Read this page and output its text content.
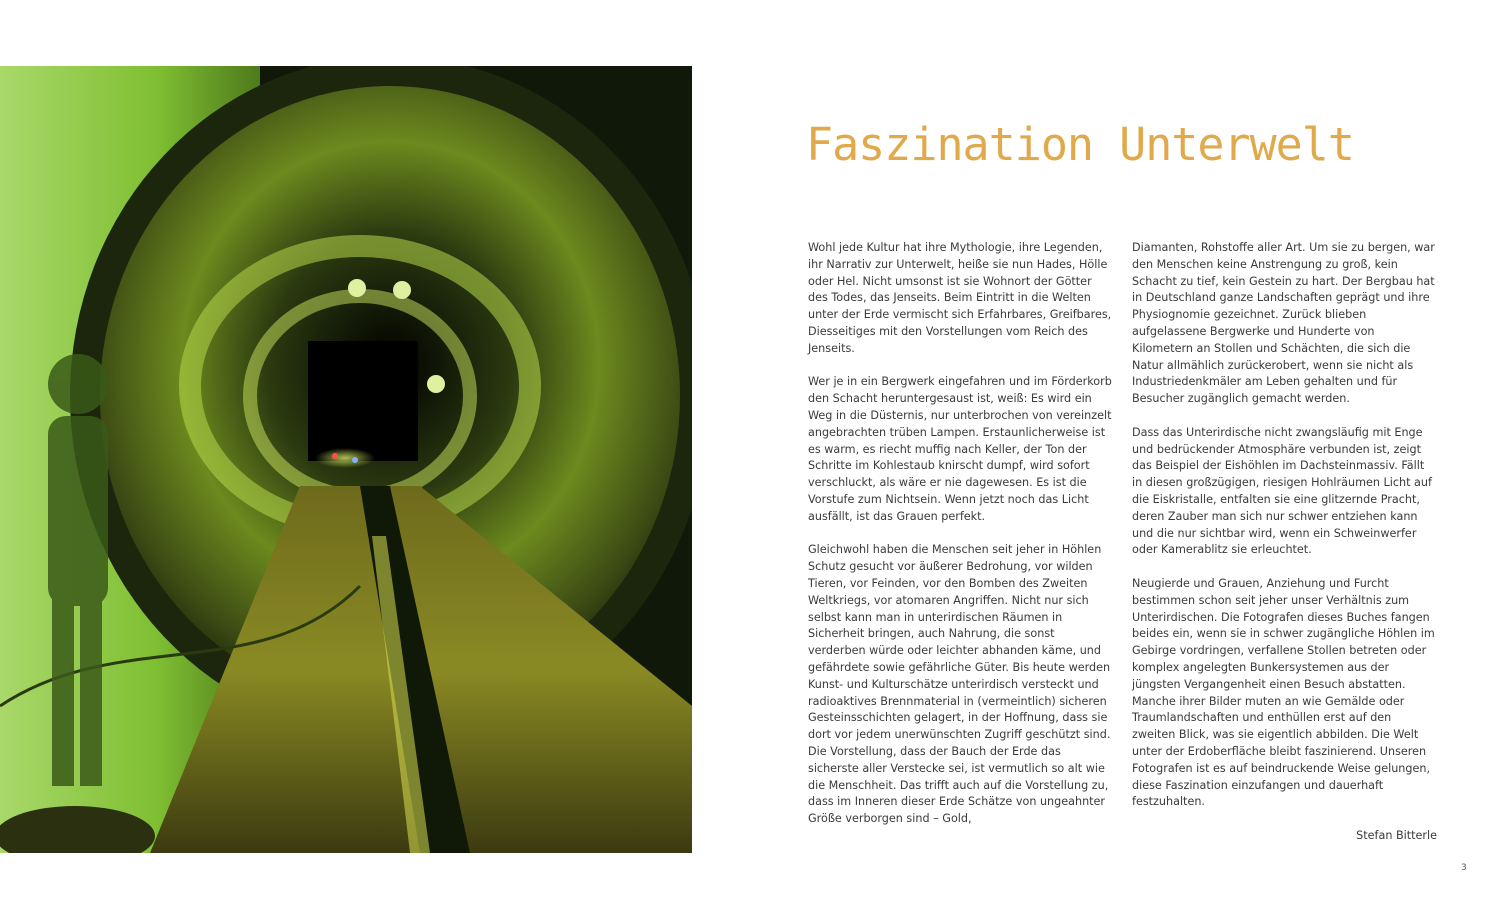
Faszination Unterwelt

Wohl jede Kultur hat ihre Mythologie, ihre Legenden, ihr Narrativ zur Unterwelt, heiße sie nun Hades, Hölle oder Hel. Nicht umsonst ist sie Wohnort der Götter des Todes, das Jenseits. Beim Eintritt in die Welten unter der Erde vermischt sich Erfahrbares, Greifbares, Diesseitiges mit den Vorstellungen vom Reich des Jenseits.

Wer je in ein Bergwerk eingefahren und im Förderkorb den Schacht heruntergesaust ist, weiß: Es wird ein Weg in die Düsternis, nur unterbrochen von vereinzelt angebrachten trüben Lampen. Erstaunlicherweise ist es warm, es riecht muffig nach Keller, der Ton der Schritte im Kohlestaub knirscht dumpf, wird sofort verschluckt, als wäre er nie dagewesen. Es ist die Vorstufe zum Nichtsein. Wenn jetzt noch das Licht ausfällt, ist das Grauen perfekt.

Gleichwohl haben die Menschen seit jeher in Höhlen Schutz gesucht vor äußerer Bedrohung, vor wilden Tieren, vor Feinden, vor den Bomben des Zweiten Weltkriegs, vor atomaren Angriffen. Nicht nur sich selbst kann man in unterirdischen Räumen in Sicherheit bringen, auch Nahrung, die sonst verderben würde oder leichter abhanden käme, und gefährdete sowie gefährliche Güter. Bis heute werden Kunst- und Kulturschätze unterirdisch versteckt und radioaktives Brennmaterial in (vermeintlich) sicheren Gesteinsschichten gelagert, in der Hoffnung, dass sie dort vor jedem unerwünschten Zugriff geschützt sind. Die Vorstellung, dass der Bauch der Erde das sicherste aller Verstecke sei, ist vermutlich so alt wie die Menschheit. Das trifft auch auf die Vorstellung zu, dass im Inneren dieser Erde Schätze von ungeahnter Größe verborgen sind – Gold,

Diamanten, Rohstoffe aller Art. Um sie zu bergen, war den Menschen keine Anstrengung zu groß, kein Schacht zu tief, kein Gestein zu hart. Der Bergbau hat in Deutschland ganze Landschaften geprägt und ihre Physiognomie gezeichnet. Zurück blieben aufgelassene Bergwerke und Hunderte von Kilometern an Stollen und Schächten, die sich die Natur allmählich zurückerobert, wenn sie nicht als Industriedenkmäler am Leben gehalten und für Besucher zugänglich gemacht werden.

Dass das Unterirdische nicht zwangsläufig mit Enge und bedrückender Atmosphäre verbunden ist, zeigt das Beispiel der Eishöhlen im Dachsteinmassiv. Fällt in diesen großzügigen, riesigen Hohlräumen Licht auf die Eiskristalle, entfalten sie eine glitzernde Pracht, deren Zauber man sich nur schwer entziehen kann und die nur sichtbar wird, wenn ein Schweinwerfer oder Kamerablitz sie erleuchtet.

Neugierde und Grauen, Anziehung und Furcht bestimmen schon seit jeher unser Verhältnis zum Unterirdischen. Die Fotografen dieses Buches fangen beides ein, wenn sie in schwer zugängliche Höhlen im Gebirge vordringen, verfallene Stollen betreten oder komplex angelegten Bunkersystemen aus der jüngsten Vergangenheit einen Besuch abstatten. Manche ihrer Bilder muten an wie Gemälde oder Traumlandschaften und enthüllen erst auf den zweiten Blick, was sie eigentlich abbilden. Die Welt unter der Erdoberfläche bleibt faszinierend. Unseren Fotografen ist es auf beindruckende Weise gelungen, diese Faszination einzufangen und dauerhaft festzuhalten.

Stefan Bitterle

3
